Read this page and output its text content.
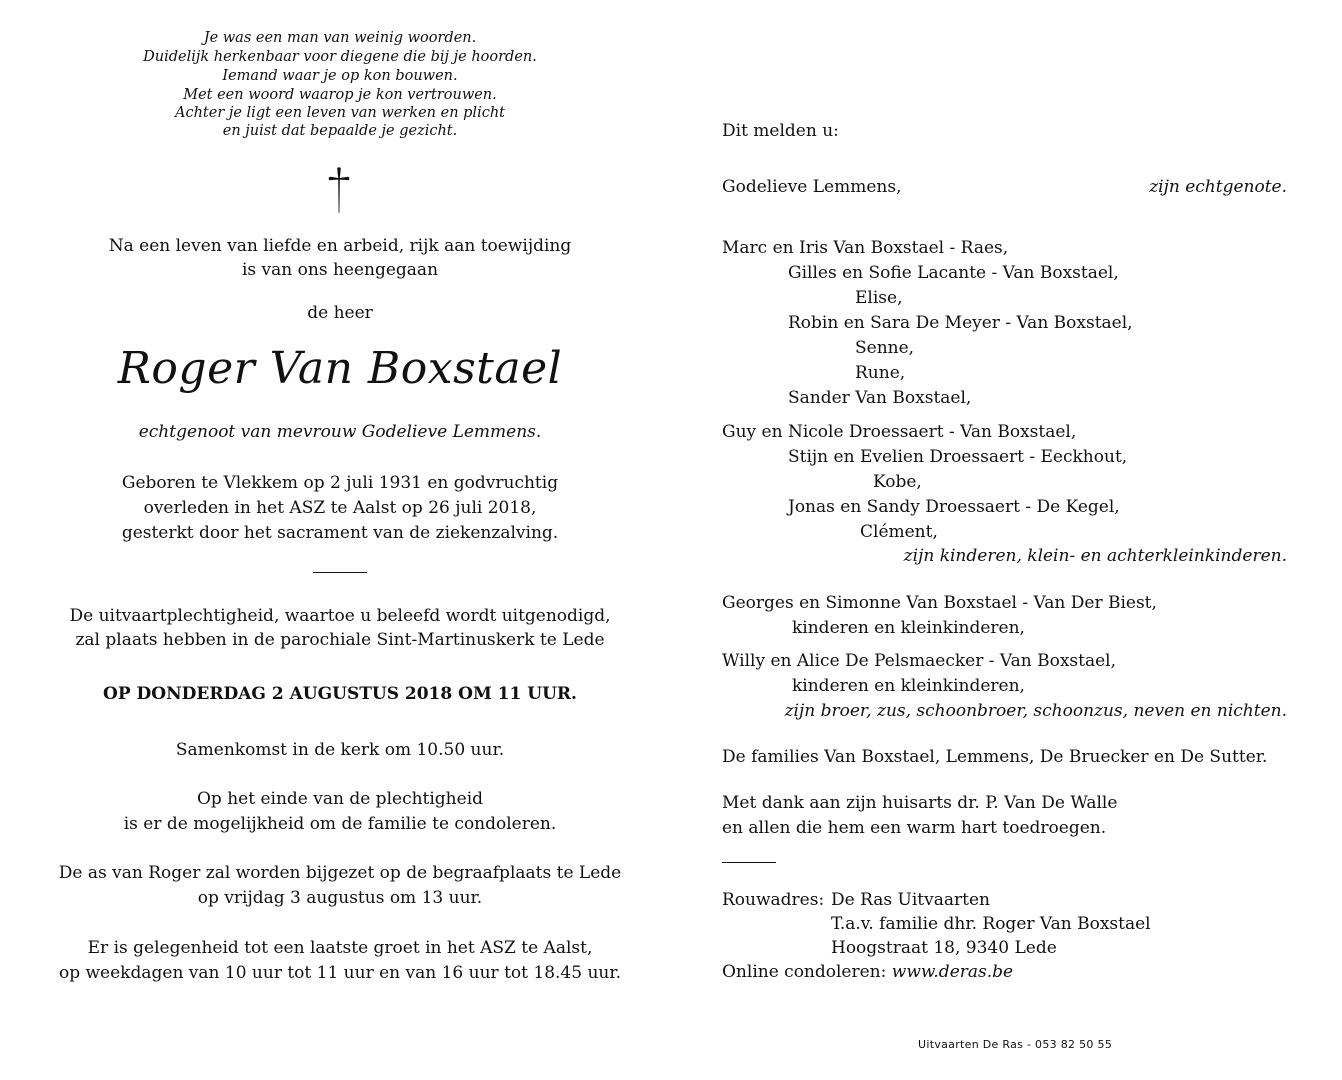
Je was een man van weinig woorden.
Duidelijk herkenbaar voor diegene die bij je hoorden.
Iemand waar je op kon bouwen.
Met een woord waarop je kon vertrouwen.
Achter je ligt een leven van werken en plicht
en juist dat bepaalde je gezicht.
Na een leven van liefde en arbeid, rijk aan toewijding
is van ons heengegaan
de heer
Roger Van Boxstael
echtgenoot van mevrouw Godelieve Lemmens.
Geboren te Vlekkem op 2 juli 1931 en godvruchtig
overleden in het ASZ te Aalst op 26 juli 2018,
gesterkt door het sacrament van de ziekenzalving.
De uitvaartplechtigheid, waartoe u beleefd wordt uitgenodigd,
zal plaats hebben in de parochiale Sint-Martinuskerk te Lede
OP DONDERDAG 2 AUGUSTUS 2018 OM 11 UUR.
Samenkomst in de kerk om 10.50 uur.
Op het einde van de plechtigheid
is er de mogelijkheid om de familie te condoleren.
De as van Roger zal worden bijgezet op de begraafplaats te Lede
op vrijdag 3 augustus om 13 uur.
Er is gelegenheid tot een laatste groet in het ASZ te Aalst,
op weekdagen van 10 uur tot 11 uur en van 16 uur tot 18.45 uur.
Dit melden u:
Godelieve Lemmens,	zijn echtgenote.
Marc en Iris Van Boxstael - Raes,
Gilles en Sofie Lacante - Van Boxstael,
Elise,
Robin en Sara De Meyer - Van Boxstael,
Senne,
Rune,
Sander Van Boxstael,
Guy en Nicole Droessaert - Van Boxstael,
Stijn en Evelien Droessaert - Eeckhout,
Kobe,
Jonas en Sandy Droessaert - De Kegel,
Clément,
zijn kinderen, klein- en achterkleinkinderen.
Georges en Simonne Van Boxstael - Van Der Biest,
kinderen en kleinkinderen,
Willy en Alice De Pelsmaecker - Van Boxstael,
kinderen en kleinkinderen,
zijn broer, zus, schoonbroer, schoonzus, neven en nichten.
De families Van Boxstael, Lemmens, De Bruecker en De Sutter.
Met dank aan zijn huisarts dr. P. Van De Walle
en allen die hem een warm hart toedroegen.
Rouwadres: De Ras Uitvaarten
T.a.v. familie dhr. Roger Van Boxstael
Hoogstraat 18, 9340 Lede
Online condoleren: www.deras.be
Uitvaarten De Ras - 053 82 50 55
